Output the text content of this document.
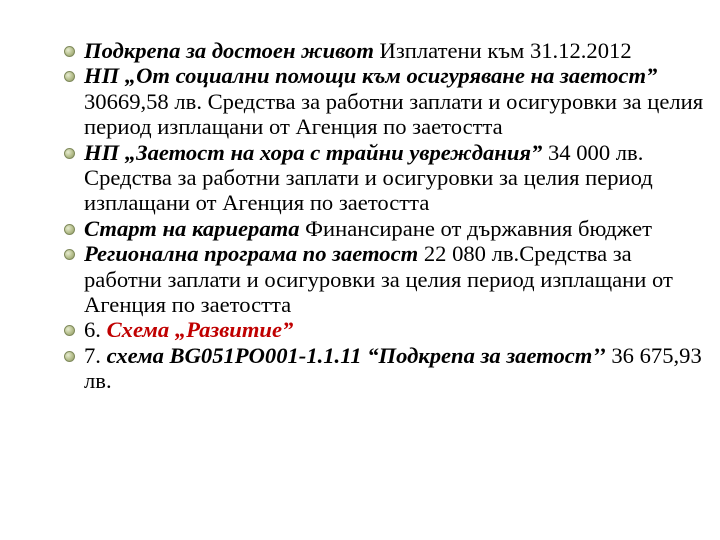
Подкрепа за достоен живот Изплатени към 31.12.2012
НП „От социални помощи към осигуряване на заетост” 30669,58 лв. Средства за работни заплати и осигуровки за целия период изплащани от Агенция по заетостта
НП „Заетост на хора с трайни увреждания” 34 000 лв. Средства за работни заплати и осигуровки за целия период изплащани от Агенция по заетостта
Старт на кариерата Финансиране от държавния бюджет
Регионална програма по заетост 22 080 лв.Средства за работни заплати и осигуровки за целия период изплащани от Агенция по заетостта
6. Схема „Развитие”
7. схема BG051PO001-1.1.11 “Подкрепа за заетост’’ 36 675,93 лв.
